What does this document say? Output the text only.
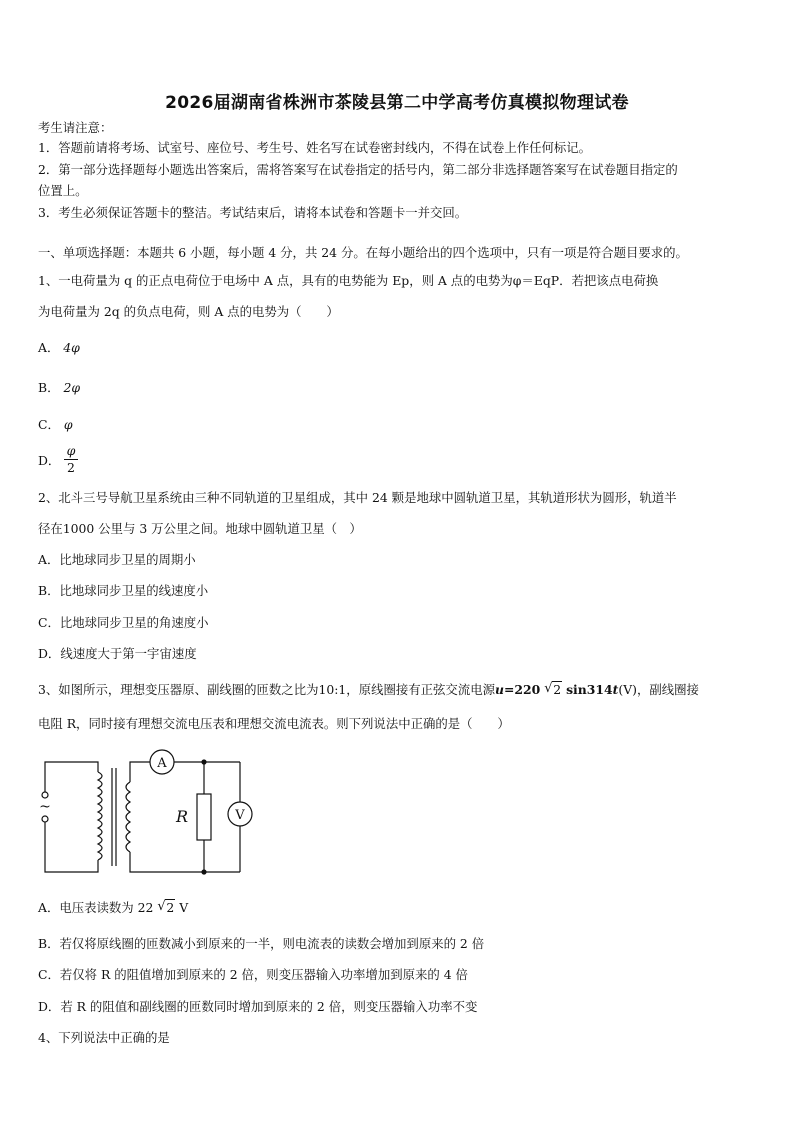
2026届湖南省株洲市茶陵县第二中学高考仿真模拟物理试卷
考生请注意：
1．答题前请将考场、试室号、座位号、考生号、姓名写在试卷密封线内，不得在试卷上作任何标记。
2．第一部分选择题每小题选出答案后，需将答案写在试卷指定的括号内，第二部分非选择题答案写在试卷题目指定的
位置上。
3．考生必须保证答题卡的整洁。考试结束后，请将本试卷和答题卡一并交回。
一、单项选择题：本题共 6 小题，每小题 4 分，共 24 分。在每小题给出的四个选项中，只有一项是符合题目要求的。
1、一电荷量为 q 的正点电荷位于电场中 A 点，具有的电势能为 Ep，则 A 点的电势为φ＝EqP．若把该点电荷换
为电荷量为 2q 的负点电荷，则 A 点的电势为（　　）
A． 4φ
B． 2φ
C． φ
D．
φ
2
2、北斗三号导航卫星系统由三种不同轨道的卫星组成，其中 24 颗是地球中圆轨道卫星，其轨道形状为圆形，轨道半
径在1000 公里与 3 万公里之间。地球中圆轨道卫星（　）
A．比地球同步卫星的周期小
B．比地球同步卫星的线速度小
C．比地球同步卫星的角速度小
D．线速度大于第一宇宙速度
3、如图所示，理想变压器原、副线圈的匝数之比为10:1，原线圈接有正弦交流电源u=220 √ 2 sin314t(V)，副线圈接
电阻 R，同时接有理想交流电压表和理想交流电流表。则下列说法中正确的是（　　）
~
A
V
R
A．电压表读数为 22 √ 2 V
B．若仅将原线圈的匝数减小到原来的一半，则电流表的读数会增加到原来的 2 倍
C．若仅将 R 的阻值增加到原来的 2 倍，则变压器输入功率增加到原来的 4 倍
D．若 R 的阻值和副线圈的匝数同时增加到原来的 2 倍，则变压器输入功率不变
4、下列说法中正确的是
